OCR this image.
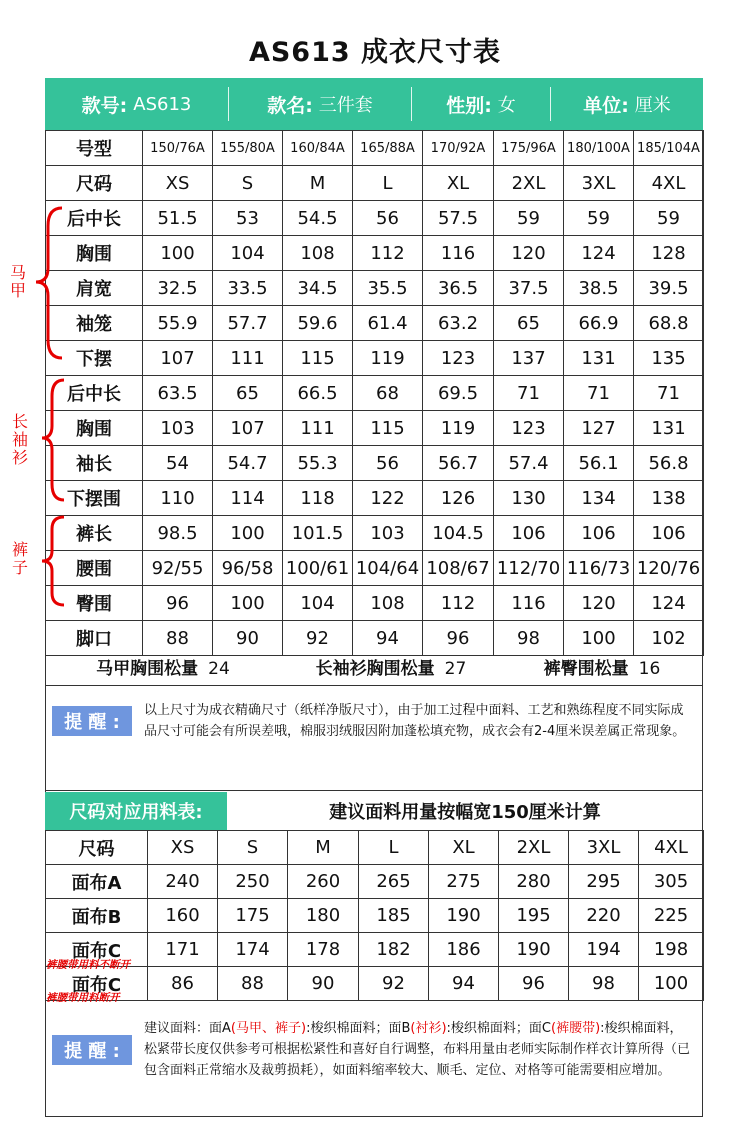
AS613 成衣尺寸表
款号: AS613	款名: 三件套	性别: 女	单位: 厘米
号型	150/76A	155/80A	160/84A	165/88A	170/92A	175/96A	180/100A	185/104A
尺码	XS	S	M	L	XL	2XL	3XL	4XL
后中长	51.5	53	54.5	56	57.5	59	59	59
胸围	100	104	108	112	116	120	124	128
肩宽	32.5	33.5	34.5	35.5	36.5	37.5	38.5	39.5
袖笼	55.9	57.7	59.6	61.4	63.2	65	66.9	68.8
下摆	107	111	115	119	123	137	131	135
后中长	63.5	65	66.5	68	69.5	71	71	71
胸围	103	107	111	115	119	123	127	131
袖长	54	54.7	55.3	56	56.7	57.4	56.1	56.8
下摆围	110	114	118	122	126	130	134	138
裤长	98.5	100	101.5	103	104.5	106	106	106
腰围	92/55	96/58	100/61	104/64	108/67	112/70	116/73	120/76
臀围	96	100	104	108	112	116	120	124
脚口	88	90	92	94	96	98	100	102
马
甲
长
袖
衫
裤
子
马甲胸围松量 24	长袖衫胸围松量 27	裤臀围松量 16
提 醒 :
以上尺寸为成衣精确尺寸（纸样净版尺寸），由于加工过程中面料、工艺和熟练程度不同实际成品尺寸可能会有所误差哦，棉服羽绒服因附加蓬松填充物，成衣会有2-4厘米误差属正常现象。
尺码对应用料表:	建议面料用量按幅宽150厘米计算
尺码	XS	S	M	L	XL	2XL	3XL	4XL
面布A	240	250	260	265	275	280	295	305
面布B	160	175	180	185	190	195	220	225
面布C	171	174	178	182	186	190	194	198
面布C	86	88	90	92	94	96	98	100
裤腰带用料不断开
裤腰带用料断开
提 醒 :
建议面料：面A(马甲、裤子):梭织棉面料；面B(衬衫):梭织棉面料；面C(裤腰带):梭织棉面料，松紧带长度仅供参考可根据松紧性和喜好自行调整，布料用量由老师实际制作样衣计算所得（已包含面料正常缩水及裁剪损耗），如面料缩率较大、顺毛、定位、对格等可能需要相应增加。
